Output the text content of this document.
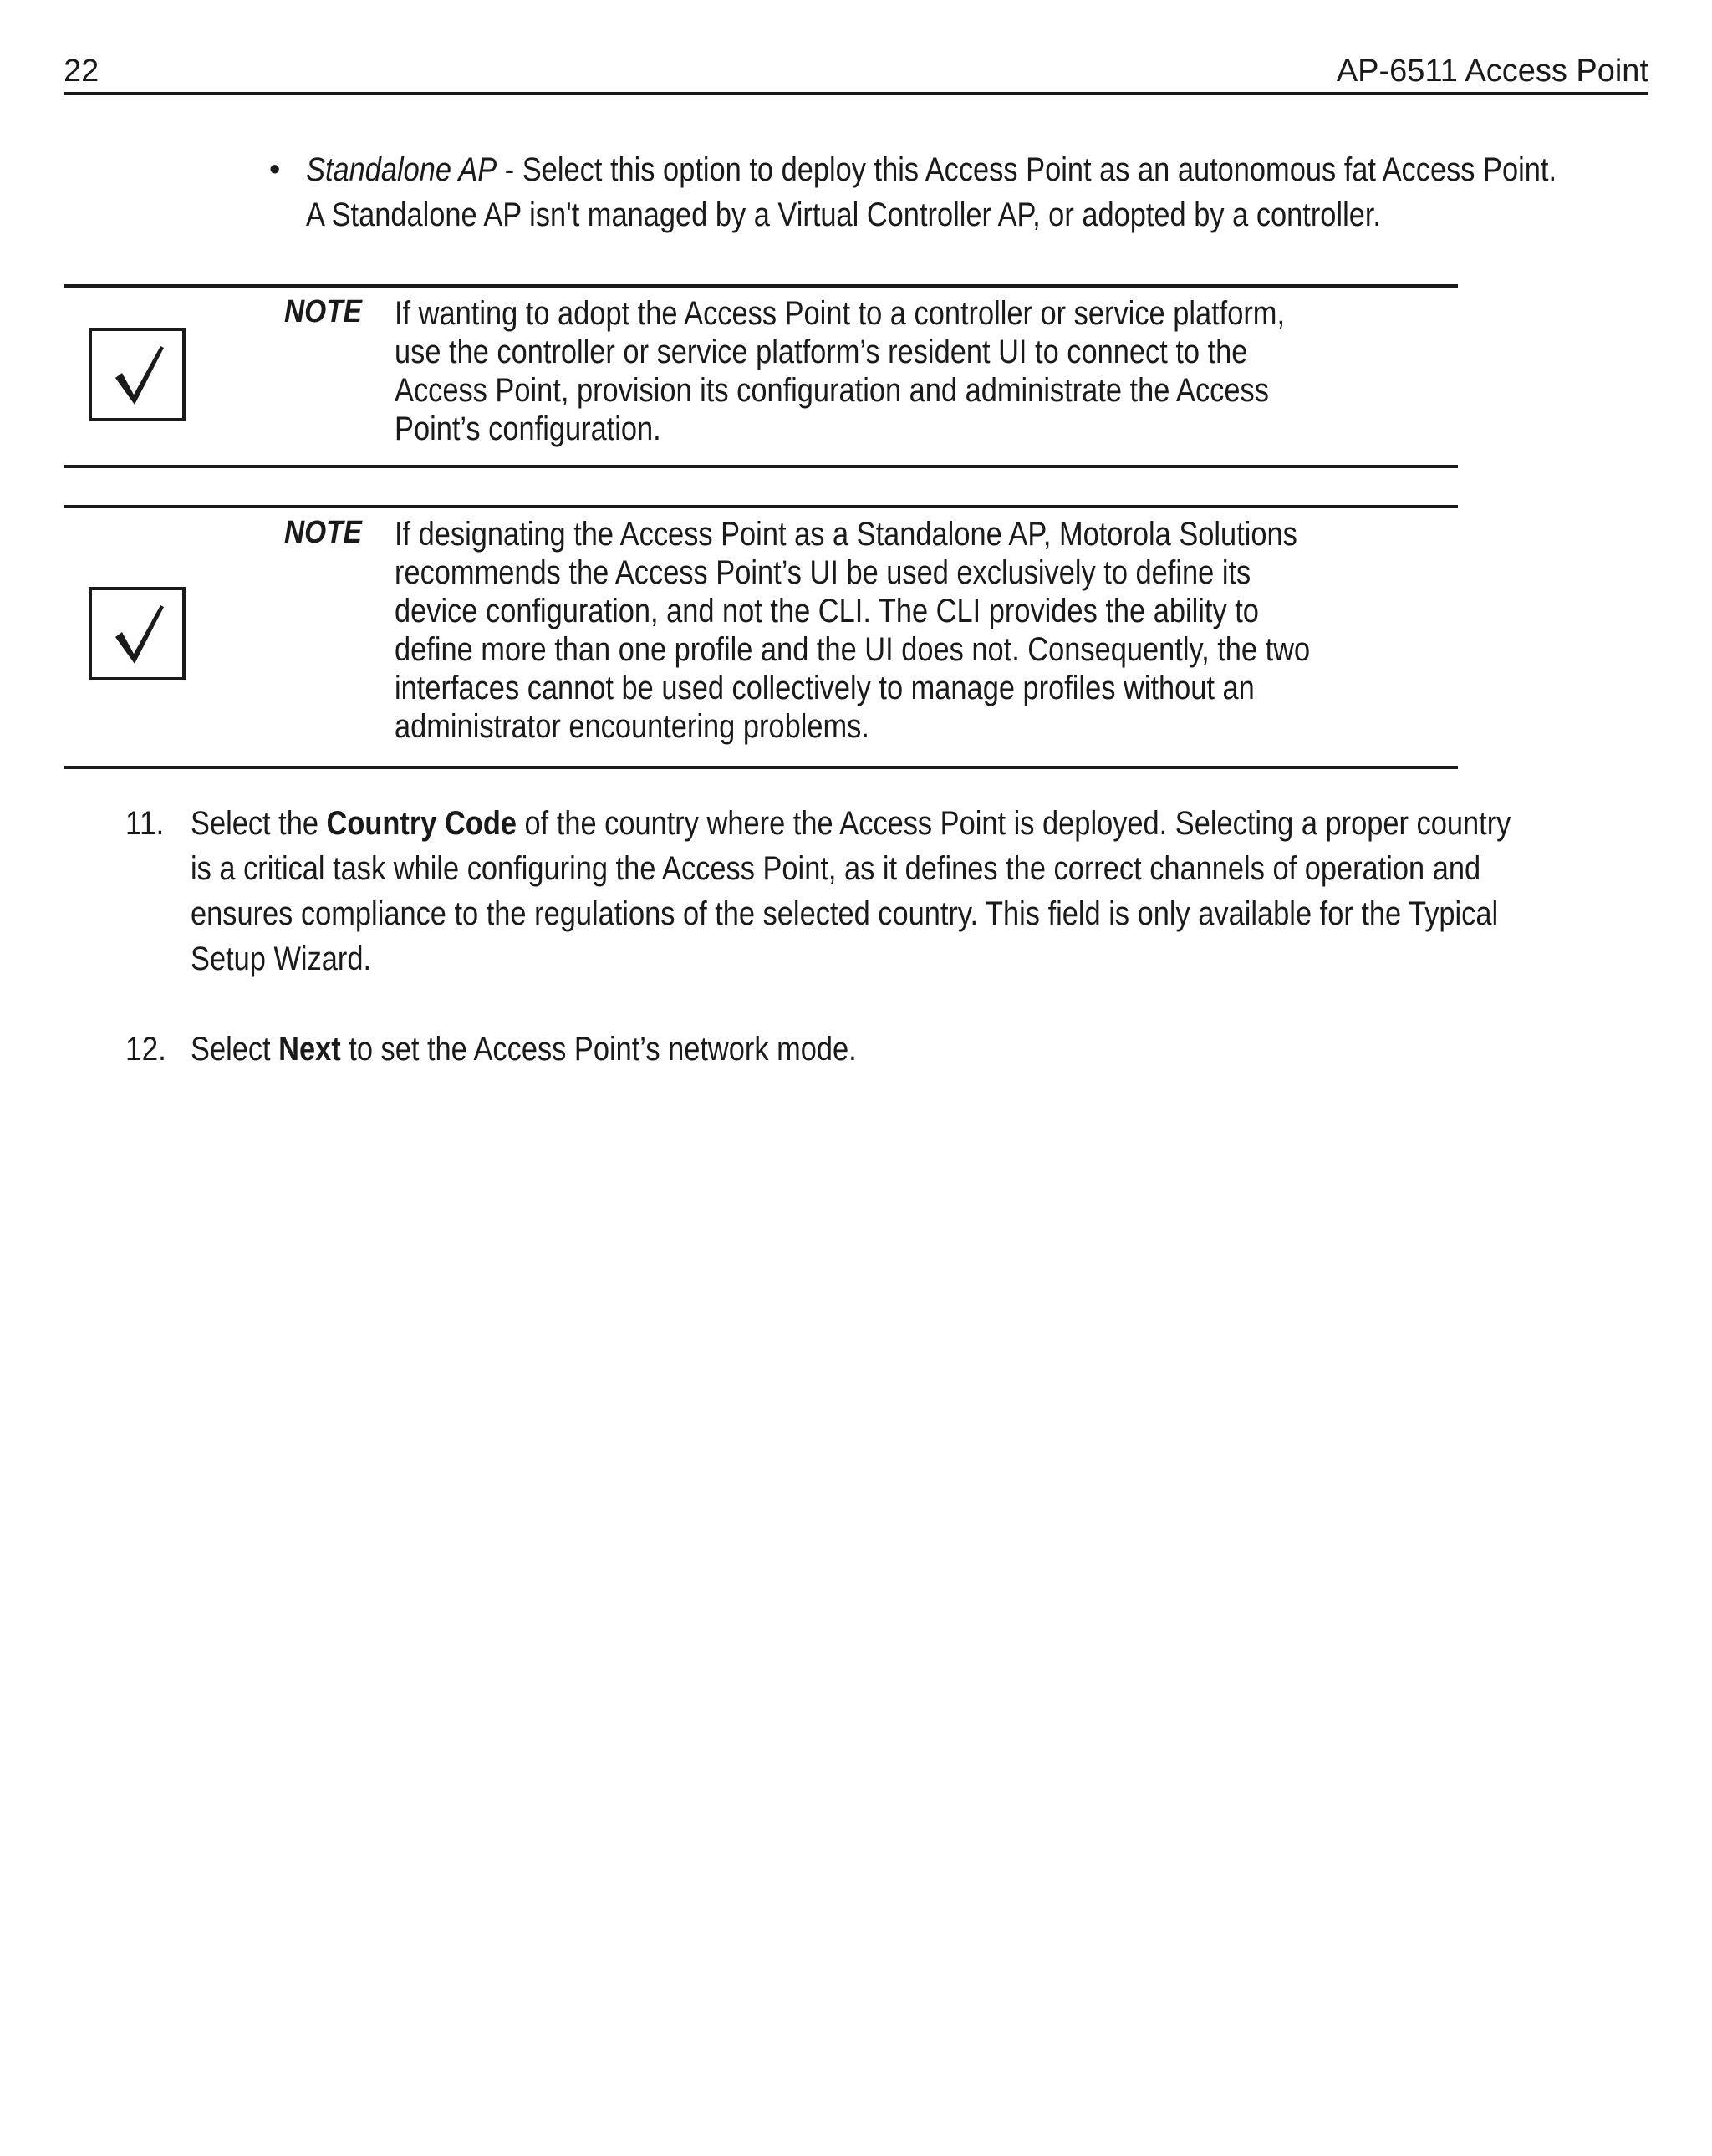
22	AP-6511 Access Point
• Standalone AP - Select this option to deploy this Access Point as an autonomous fat Access Point.
A Standalone AP isn't managed by a Virtual Controller AP, or adopted by a controller.
NOTE If wanting to adopt the Access Point to a controller or service platform,
use the controller or service platform’s resident UI to connect to the
Access Point, provision its configuration and administrate the Access
Point’s configuration.
NOTE If designating the Access Point as a Standalone AP, Motorola Solutions
recommends the Access Point’s UI be used exclusively to define its
device configuration, and not the CLI. The CLI provides the ability to
define more than one profile and the UI does not. Consequently, the two
interfaces cannot be used collectively to manage profiles without an
administrator encountering problems.
11. Select the Country Code of the country where the Access Point is deployed. Selecting a proper country
is a critical task while configuring the Access Point, as it defines the correct channels of operation and
ensures compliance to the regulations of the selected country. This field is only available for the Typical
Setup Wizard.
12. Select Next to set the Access Point’s network mode.
